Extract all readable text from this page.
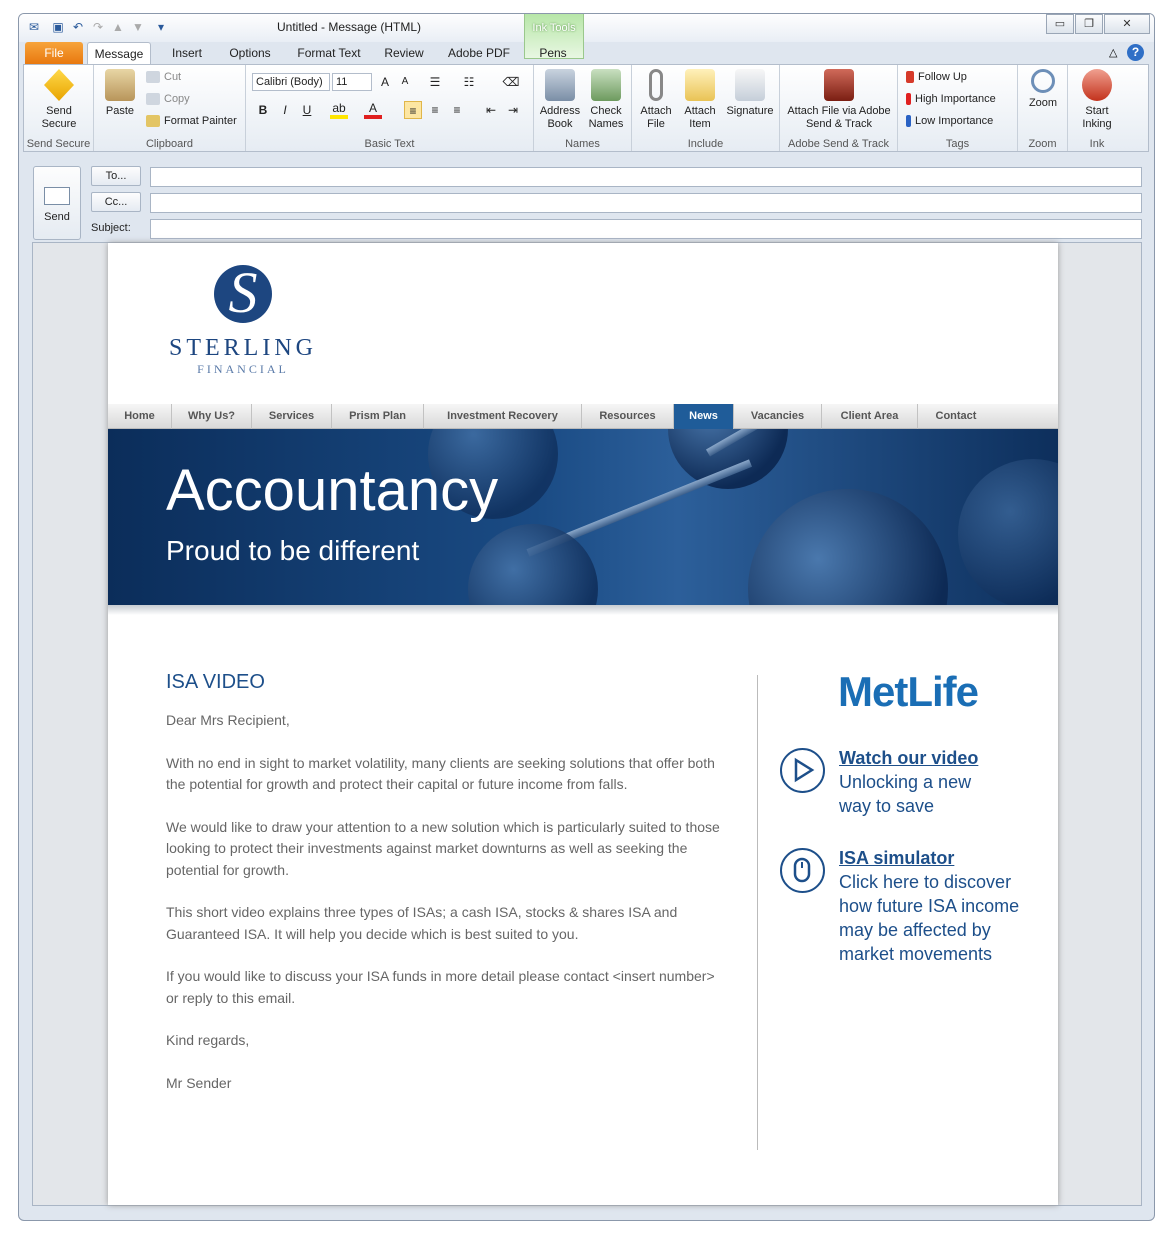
✉ ▣ ↶ ↷ ▲ ▼	▾	Untitled - Message (HTML)	Ink Tools	▭	❐	✕
File	Message	Insert	Options	Format Text	Review	Adobe PDF	Pens	△	?
Send Secure
Send Secure
Paste
Cut
Copy
Format Painter
Clipboard
Calibri (Body)	11	A	A	☰	☷	⌫
B	I	U	ab	A	≡	≡	≡	⇤ ⇥
Basic Text
Address Book
Check Names
Names
Attach File
Attach Item
Signature
Include
Attach File via Adobe Send & Track
Adobe Send & Track
Follow Up
High Importance
Low Importance
Tags
Zoom
Zoom
Start Inking
Ink
Send
To...
Cc...
Subject:
S
STERLING
FINANCIAL
Home	Why Us?	Services	Prism Plan	Investment Recovery	Resources	News	Vacancies	Client Area	Contact
Accountancy
Proud to be different
ISA VIDEO

Dear Mrs Recipient,

With no end in sight to market volatility, many clients are seeking solutions that offer both the potential for growth and protect their capital or future income from falls.

We would like to draw your attention to a new solution which is particularly suited to those looking to protect their investments against market downturns as well as seeking the potential for growth.

This short video explains three types of ISAs; a cash ISA, stocks & shares ISA and Guaranteed ISA. It will help you decide which is best suited to you.

If you would like to discuss your ISA funds in more detail please contact <insert number> or reply to this email.

Kind regards,

Mr Sender

MetLife
Watch our video
Unlocking a new way to save
ISA simulator
Click here to discover how future ISA income may be affected by market movements
